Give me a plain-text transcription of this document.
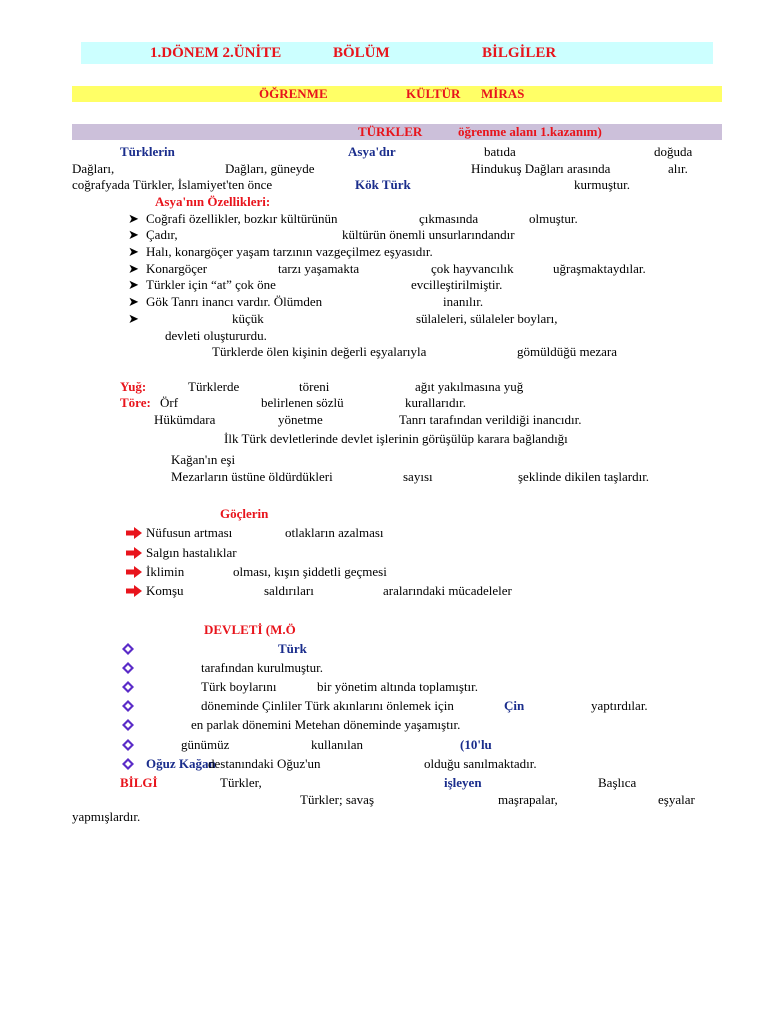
1.DÖNEM 2.ÜNİTE	BÖLÜM	BİLGİLER
ÖĞRENME	KÜLTÜR MİRAS
TÜRKLER	öğrenme alanı 1.kazanım)
Türklerin	Asya'dır	batıda	doğuda
Dağları,	Dağları, güneyde	Hindukuş Dağları arasında	alır.
coğrafyada Türkler, İslamiyet'ten önce	Kök Türk	kurmuştur.
Asya'nın Özellikleri:
➤ Coğrafi özellikler, bozkır kültürünün	çıkmasında	olmuştur.
➤ Çadır,	kültürün önemli unsurlarındandır
➤ Halı, konargöçer yaşam tarzının vazgeçilmez eşyasıdır.
➤ Konargöçer	tarzı yaşamakta	çok hayvancılık	uğraşmaktaydılar.
➤ Türkler için “at” çok öne	evcilleştirilmiştir.
➤ Gök Tanrı inancı vardır. Ölümden	inanılır.
➤	küçük	sülaleleri, sülaleler boyları,
devleti oluştururdu.
Türklerde ölen kişinin değerli eşyalarıyla	gömüldüğü mezara
Yuğ:	Türklerde	töreni	ağıt yakılmasına yuğ
Töre: Örf	belirlenen sözlü	kurallarıdır.
Hükümdara	yönetme	Tanrı tarafından verildiği inancıdır.
İlk Türk devletlerinde devlet işlerinin görüşülüp karara bağlandığı
Kağan'ın eşi
Mezarların üstüne öldürdükleri	sayısı	şeklinde dikilen taşlardır.
Göçlerin
Nüfusun artması	otlakların azalması
Salgın hastalıklar
İklimin	olması, kışın şiddetli geçmesi
Komşu	saldırıları	aralarındaki mücadeleler
DEVLETİ (M.Ö
Türk
tarafından kurulmuştur.
Türk boylarını	bir yönetim altında toplamıştır.
döneminde Çinliler Türk akınlarını önlemek için	Çin	yaptırdılar.
en parlak dönemini Metehan döneminde yaşamıştır.
günümüz	kullanılan	(10'lu
Oğuz Kağan
destanındaki Oğuz'un	olduğu sanılmaktadır.
BİLGİ	Türkler,	işleyen	Başlıca
Türkler; savaş	maşrapalar,	eşyalar
yapmışlardır.
